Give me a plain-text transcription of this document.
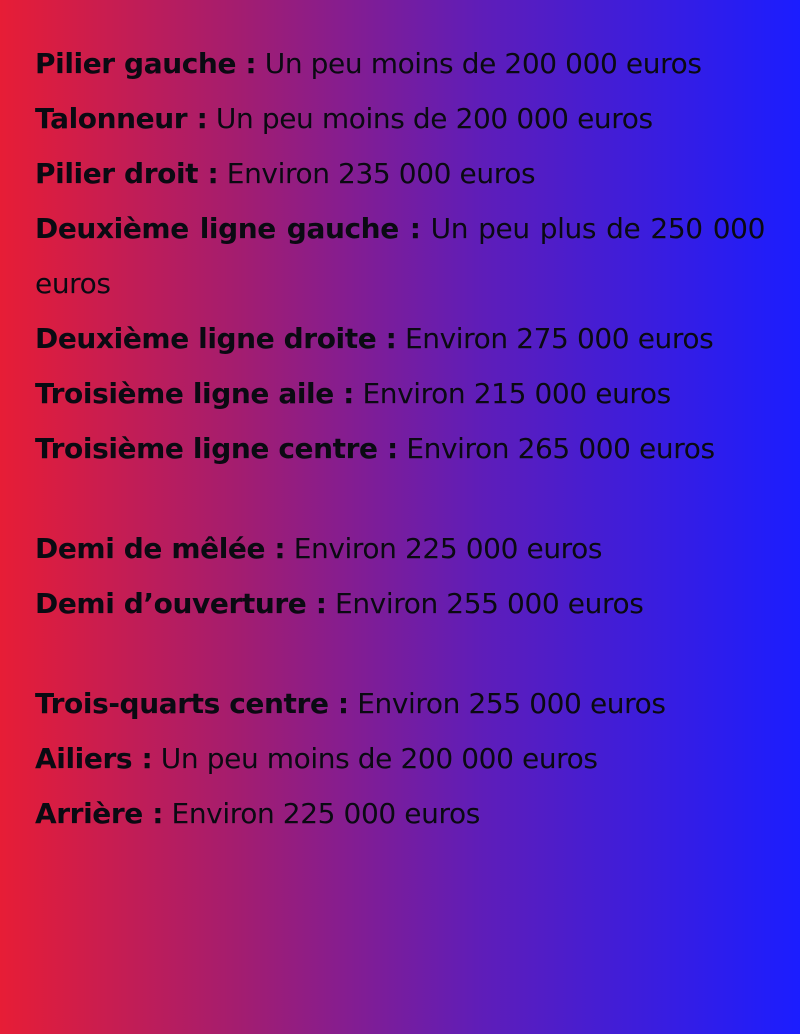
Pilier gauche : Un peu moins de 200 000 euros
Talonneur : Un peu moins de 200 000 euros
Pilier droit : Environ 235 000 euros
Deuxième ligne gauche : Un peu plus de 250 000 euros
Deuxième ligne droite : Environ 275 000 euros
Troisième ligne aile : Environ 215 000 euros
Troisième ligne centre : Environ 265 000 euros
Demi de mêlée : Environ 225 000 euros
Demi d’ouverture : Environ 255 000 euros
Trois-quarts centre : Environ 255 000 euros
Ailiers : Un peu moins de 200 000 euros
Arrière : Environ 225 000 euros
